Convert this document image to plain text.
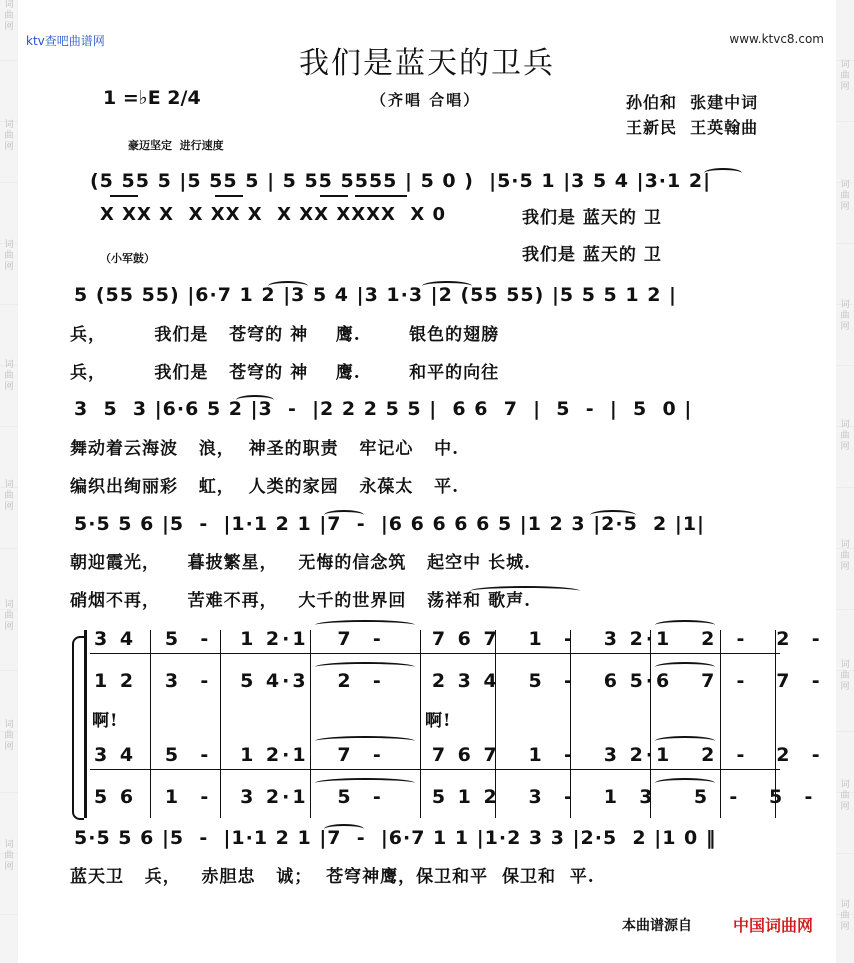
词曲网
词曲网
词曲网
词曲网
词曲网
词曲网
词曲网
词曲网
词曲网
词曲网
词曲网
词曲网
词曲网
词曲网
词曲网
词曲网
ktv查吧曲谱网	www.ktvc8.com
我们是蓝天的卫兵
1 =♭E 2/4	（齐唱 合唱）	孙伯和  张建中词
王新民  王英翰曲
豪迈坚定  进行速度
(5 55 5 |5 55 5 | 5 55 5555 | 5 0 )  |5·5 1 |3 5 4 |3·1 2|
X XX X  X XX X  X XX XXXX  X 0	我们是 蓝天的 卫
（小军鼓）	我们是 蓝天的 卫
5 (55 55) |6·7 1 2 |3 5 4 |3 1·3 |2 (55 55) |5 5 5 1 2 |
兵，       我们是   苍穹的 神    鹰.       银色的翅膀
兵，       我们是   苍穹的 神    鹰.       和平的向往
3  5  3 |6·6 5 2 |3  -  |2 2 2 5 5 |  6 6  7  |  5  -  |  5  0 |
舞动着云海波   浪，  神圣的职责   牢记心   中.
编织出绚丽彩   虹，  人类的家园   永葆太   平.
5·5 5 6 |5  -  |1·1 2 1 |7  -  |6 6 6 6 6 5 |1 2 3 |2·5  2 |1|
朝迎霞光，    暮披繁星，   无悔的信念筑   起空中 长城.
硝烟不再，    苦难不再，   大千的世界回   荡祥和 歌声.
3 4   5  -   1 2·1   7  -     7 6 7   1  -   3 2·1   2  -   2  -
1 2   3  -   5 4·3   2  -     2 3 4   5  -   6 5·6   7  -   7  -
啊!	啊!
3 4   5  -   1 2·1   7  -     7 6 7   1  -   3 2·1   2  -   2  -
5 6   1  -   3 2·1   5  -     5 1 2   3  -   1  3    5  -   5  -
5·5 5 6 |5  -  |1·1 2 1 |7  -  |6·7 1 1 |1·2 3 3 |2·5  2 |1 0 ‖
蓝天卫   兵，   赤胆忠   诚；  苍穹神鹰，保卫和平  保卫和  平.
本曲谱源自	中国词曲网
